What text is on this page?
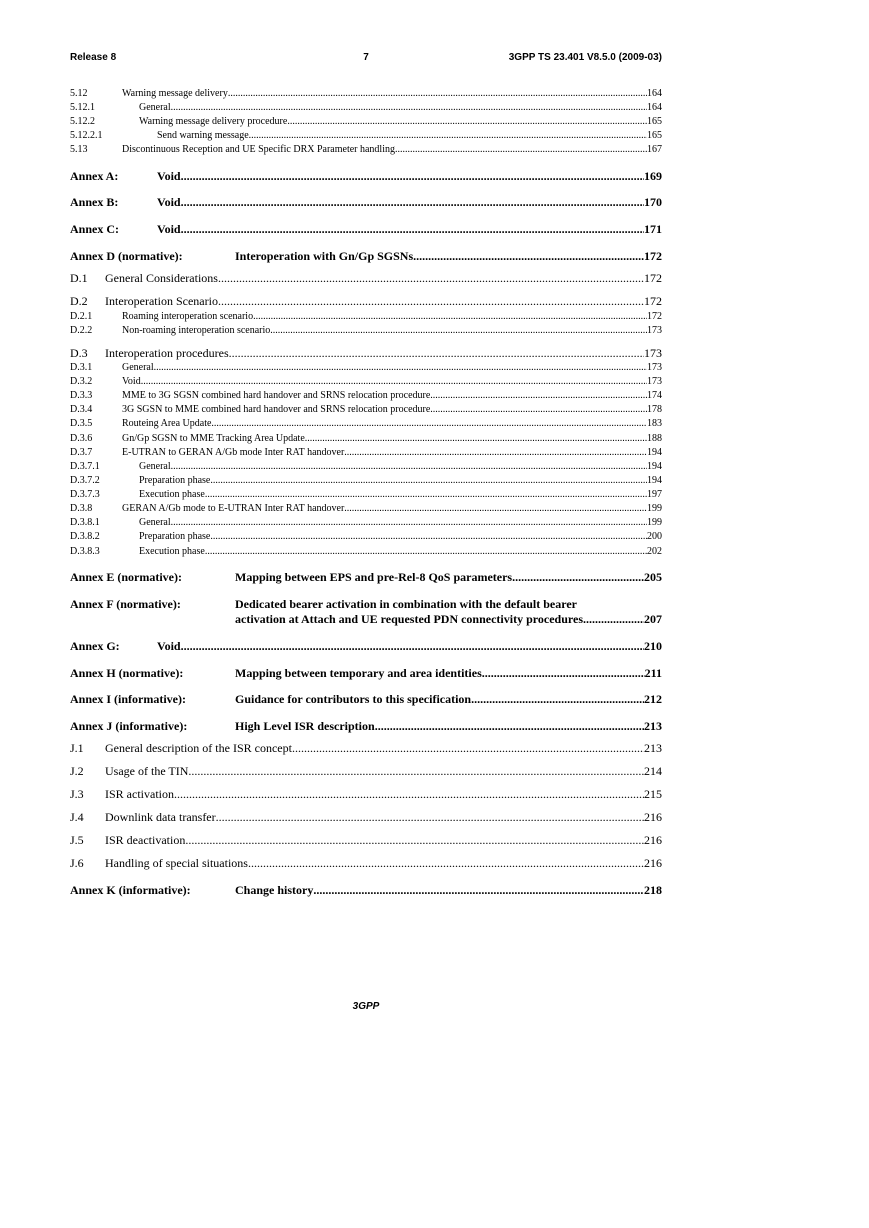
Release 8	7	3GPP TS 23.401 V8.5.0 (2009-03)
5.12	Warning message delivery .....	164
5.12.1	General .....	164
5.12.2	Warning message delivery procedure .....	165
5.12.2.1	Send warning message .....	165
5.13	Discontinuous Reception and UE Specific DRX Parameter handling .....	167
Annex A:	Void .....	169
Annex B:	Void .....	170
Annex C:	Void .....	171
Annex D (normative):	Interoperation with Gn/Gp SGSNs .....	172
D.1	General Considerations .....	172
D.2	Interoperation Scenario .....	172
D.2.1	Roaming interoperation scenario .....	172
D.2.2	Non-roaming interoperation scenario .....	173
D.3	Interoperation procedures .....	173
D.3.1	General .....	173
D.3.2	Void .....	173
D.3.3	MME to 3G SGSN combined hard handover and SRNS relocation procedure .....	174
D.3.4	3G SGSN to MME combined hard handover and SRNS relocation procedure .....	178
D.3.5	Routeing Area Update .....	183
D.3.6	Gn/Gp SGSN to MME Tracking Area Update .....	188
D.3.7	E-UTRAN to GERAN A/Gb mode Inter RAT handover .....	194
D.3.7.1	General .....	194
D.3.7.2	Preparation phase .....	194
D.3.7.3	Execution phase .....	197
D.3.8	GERAN A/Gb mode to E-UTRAN Inter RAT handover .....	199
D.3.8.1	General .....	199
D.3.8.2	Preparation phase .....	200
D.3.8.3	Execution phase .....	202
Annex E (normative):	Mapping between EPS and pre-Rel-8 QoS parameters .....	205
Annex F (normative):	Dedicated bearer activation in combination with the default bearer
activation at Attach and UE requested PDN connectivity procedures .....	207
Annex G:	Void .....	210
Annex H (normative):	Mapping between temporary and area identities .....	211
Annex I (informative):	Guidance for contributors to this specification .....	212
Annex J (informative):	High Level ISR description .....	213
J.1	General description of the ISR concept .....	213
J.2	Usage of the TIN .....	214
J.3	ISR activation .....	215
J.4	Downlink data transfer .....	216
J.5	ISR deactivation .....	216
J.6	Handling of special situations .....	216
Annex K (informative):	Change history .....	218
3GPP
